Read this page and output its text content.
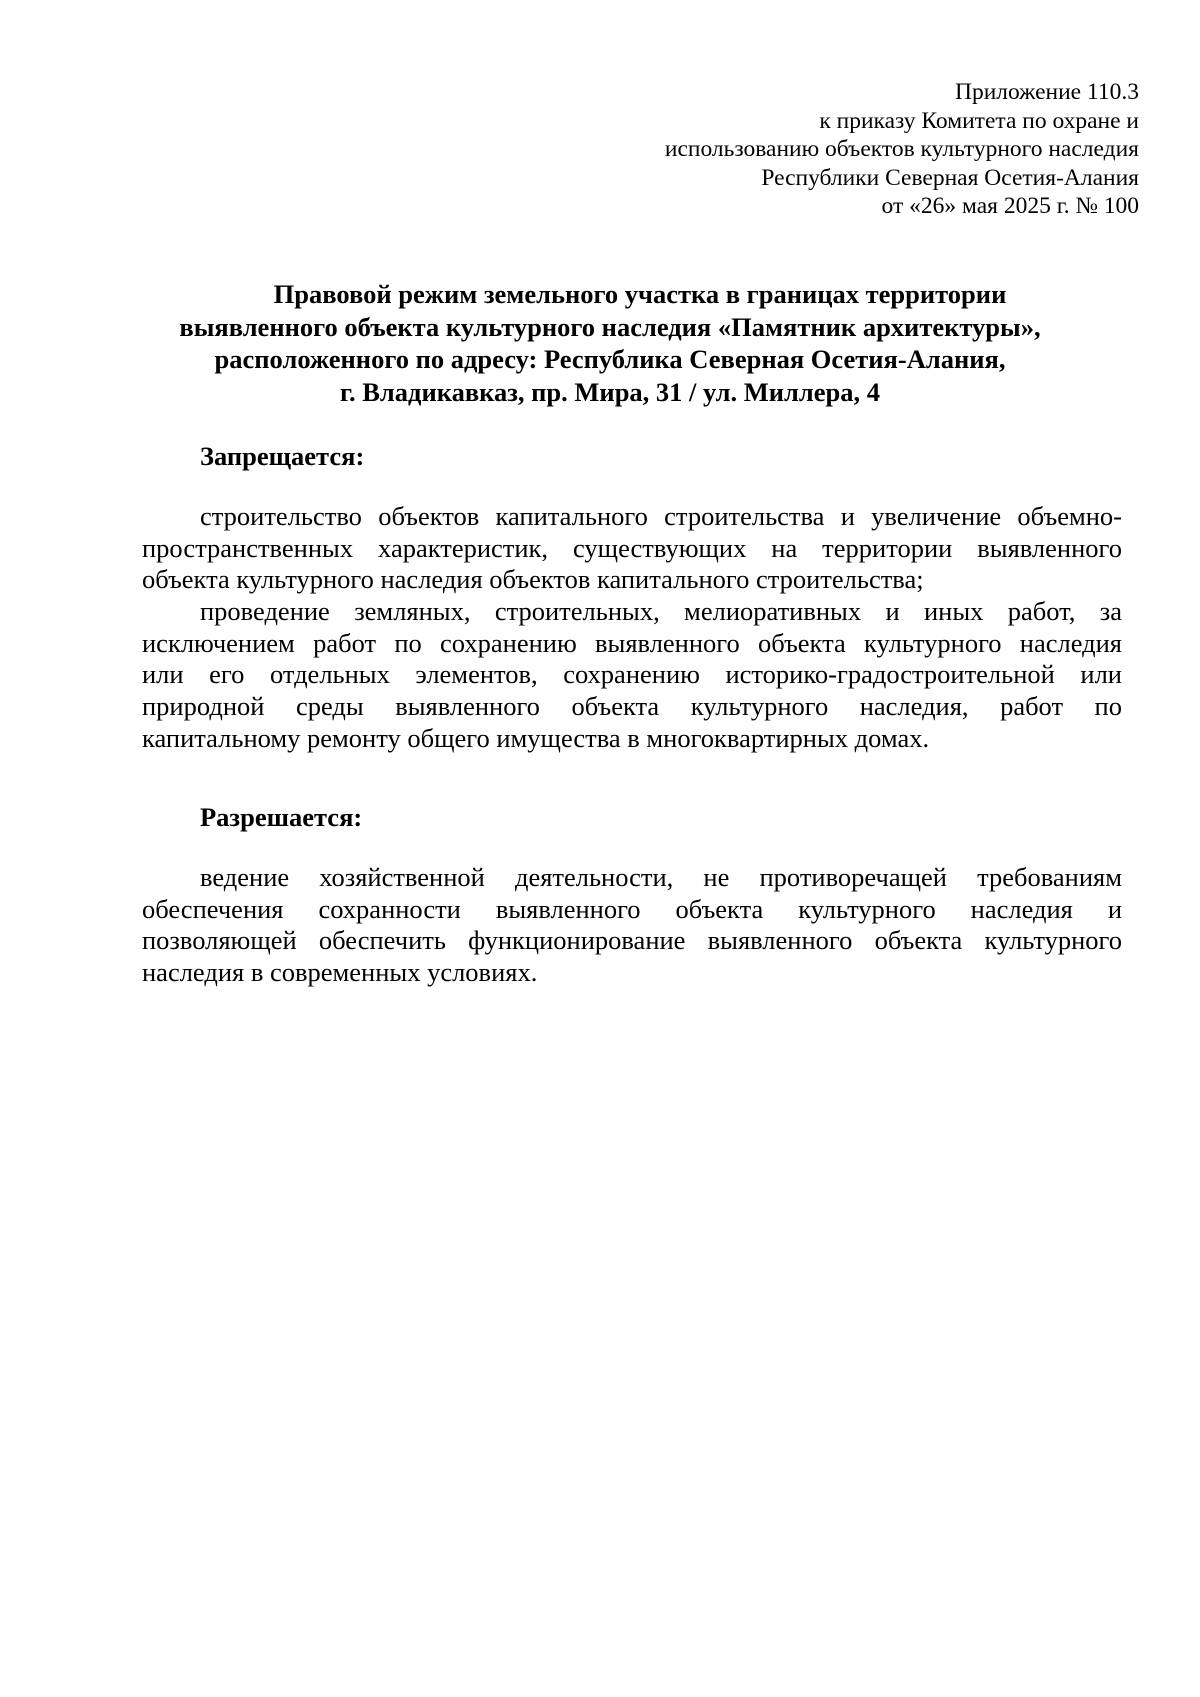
Приложение 110.3
к приказу Комитета по охране и
использованию объектов культурного наследия
Республики Северная Осетия-Алания
от «26» мая 2025 г. № 100
Правовой режим земельного участка в границах территории
выявленного объекта культурного наследия «Памятник архитектуры»,
расположенного по адресу: Республика Северная Осетия-Алания,
г. Владикавказ, пр. Мира, 31 / ул. Миллера, 4
Запрещается:
строительство объектов капитального строительства и увеличение объемно-
пространственных характеристик, существующих на территории выявленного
объекта культурного наследия объектов капитального строительства;
проведение земляных, строительных, мелиоративных и иных работ, за
исключением работ по сохранению выявленного объекта культурного наследия
или его отдельных элементов, сохранению историко-градостроительной или
природной среды выявленного объекта культурного наследия, работ по
капитальному ремонту общего имущества в многоквартирных домах.
Разрешается:
ведение хозяйственной деятельности, не противоречащей требованиям
обеспечения сохранности выявленного объекта культурного наследия и
позволяющей обеспечить функционирование выявленного объекта культурного
наследия в современных условиях.
